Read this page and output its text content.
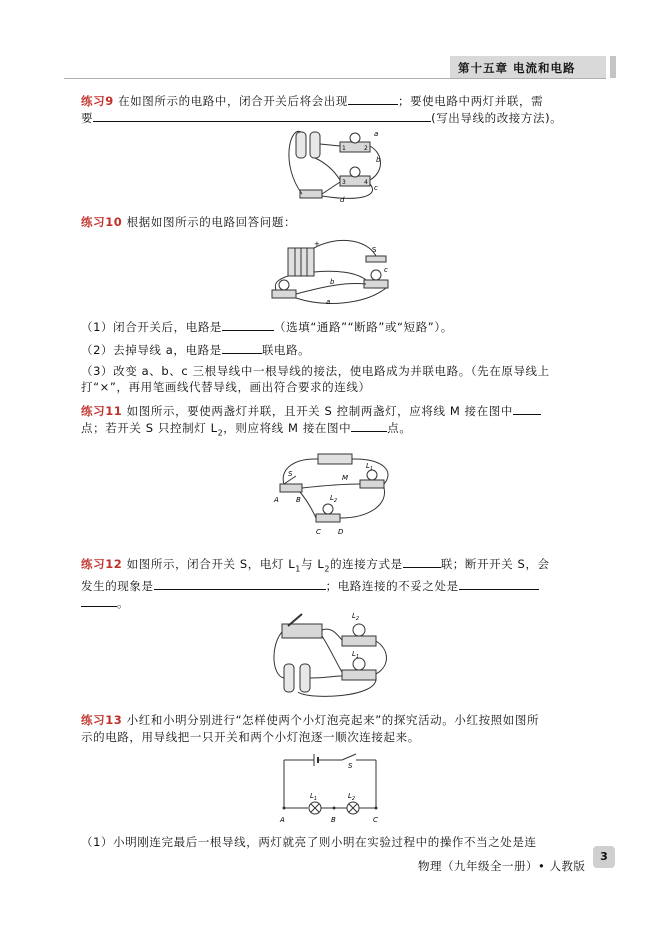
第十五章 电流和电路
练习9 在如图所示的电路中，闭合开关后将会出现	；要使电路中两灯并联，需
要	(写出导线的改接方法)。
a
b
c
d
1	2
3	4
练习10 根据如图所示的电路回答问题：
+
S
a
b
c
（1）闭合开关后，电路是	（选填“通路”“断路”或“短路”）。
（2）去掉导线 a，电路是	联电路。
（3）改变 a、b、c 三根导线中一根导线的接法，使电路成为并联电路。（先在原导线上
打“×”，再用笔画线代替导线，画出符合要求的连线）
练习11 如图所示，要使两盏灯并联，且开关 S 控制两盏灯，应将线 M 接在图中
点；若开关 S 只控制灯 $L_2$，则应将线 M 接在图中	点。
S	M
$L_1$
$L_2$
A B
C D
练习12 如图所示，闭合开关 S，电灯 $L_1$与 $L_2$的连接方式是	联；断开开关 S，会
发生的现象是	；电路连接的不妥之处是
。
$L_2$
$L_1$
练习13 小红和小明分别进行“怎样使两个小灯泡亮起来”的探究活动。小红按照如图所
示的电路，用导线把一只开关和两个小灯泡逐一顺次连接起来。
S
$L_1$	$L_2$
A	B	C
（1）小明刚连完最后一根导线，两灯就亮了则小明在实验过程中的操作不当之处是连
物理（九年级全一册）• 人教版
3
